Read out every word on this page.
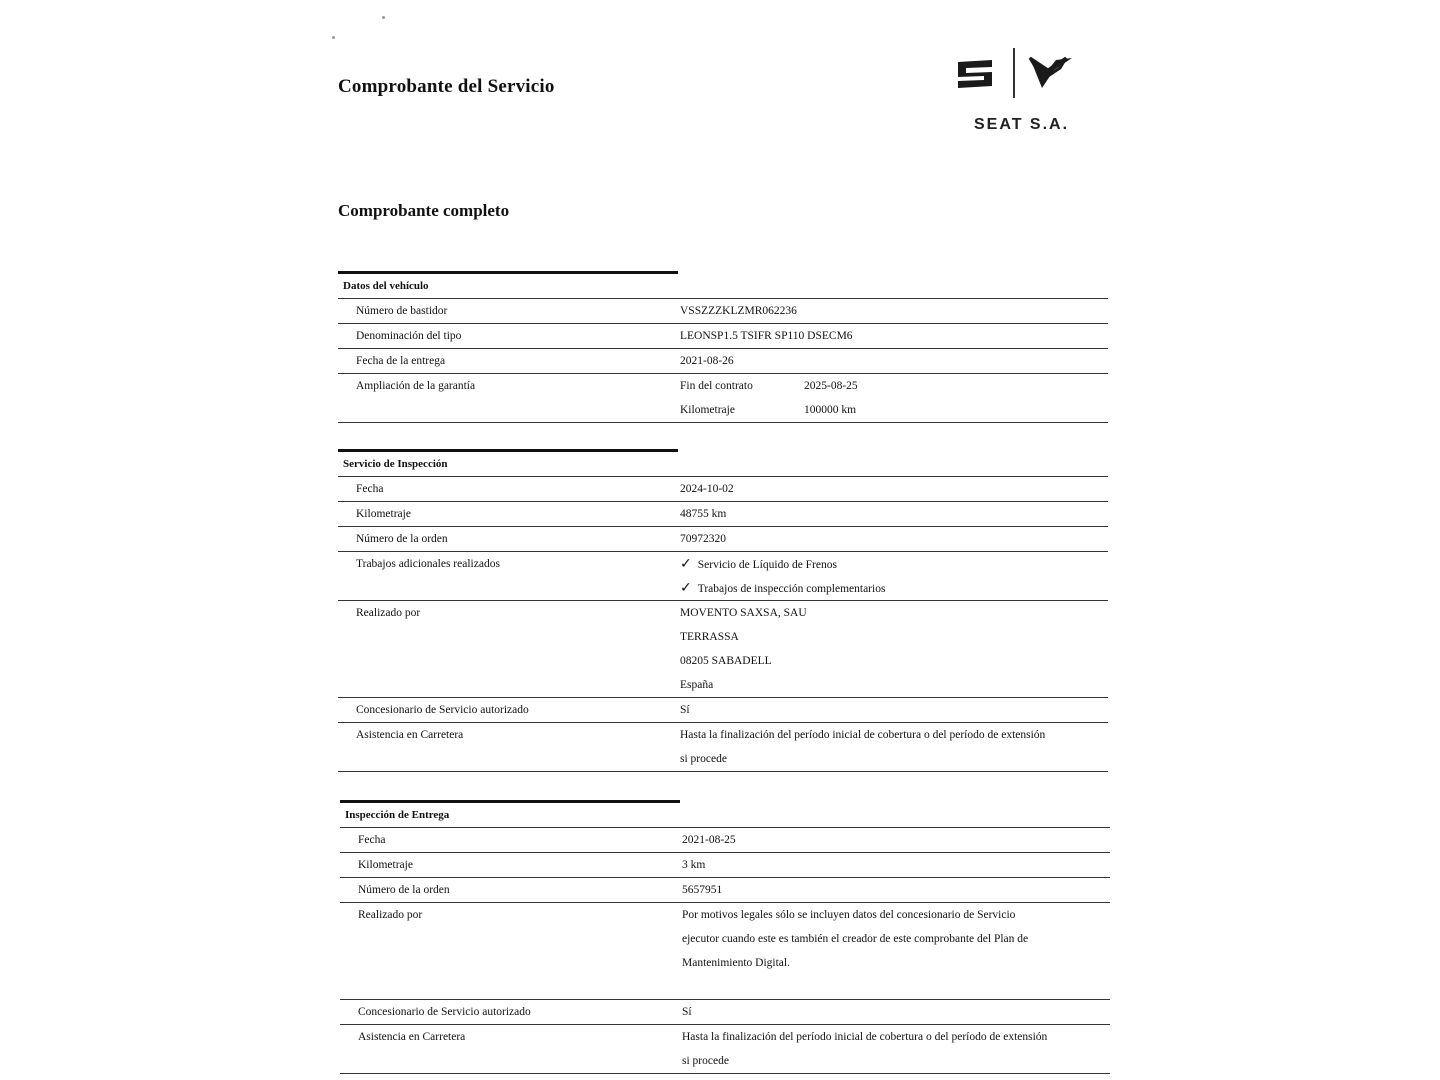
Comprobante del Servicio
SEAT S.A.
Comprobante completo
Datos del vehículo
Número de bastidor	VSSZZZKLZMR062236
Denominación del tipo	LEONSP1.5 TSIFR SP110 DSECM6
Fecha de la entrega	2021-08-26
Ampliación de la garantía	Fin del contrato	2025-08-25
Kilometraje	100000 km
Servicio de Inspección
Fecha	2024-10-02
Kilometraje	48755 km
Número de la orden	70972320
Trabajos adicionales realizados	✓ Servicio de Líquido de Frenos
✓ Trabajos de inspección complementarios
Realizado por	MOVENTO SAXSA, SAU
TERRASSA
08205 SABADELL
España
Concesionario de Servicio autorizado	Sí
Asistencia en Carretera	Hasta la finalización del período inicial de cobertura o del período de extensión
si procede
Inspección de Entrega
Fecha	2021-08-25
Kilometraje	3 km
Número de la orden	5657951
Realizado por	Por motivos legales sólo se incluyen datos del concesionario de Servicio
ejecutor cuando este es también el creador de este comprobante del Plan de
Mantenimiento Digital.
Concesionario de Servicio autorizado	Sí
Asistencia en Carretera	Hasta la finalización del período inicial de cobertura o del período de extensión
si procede
